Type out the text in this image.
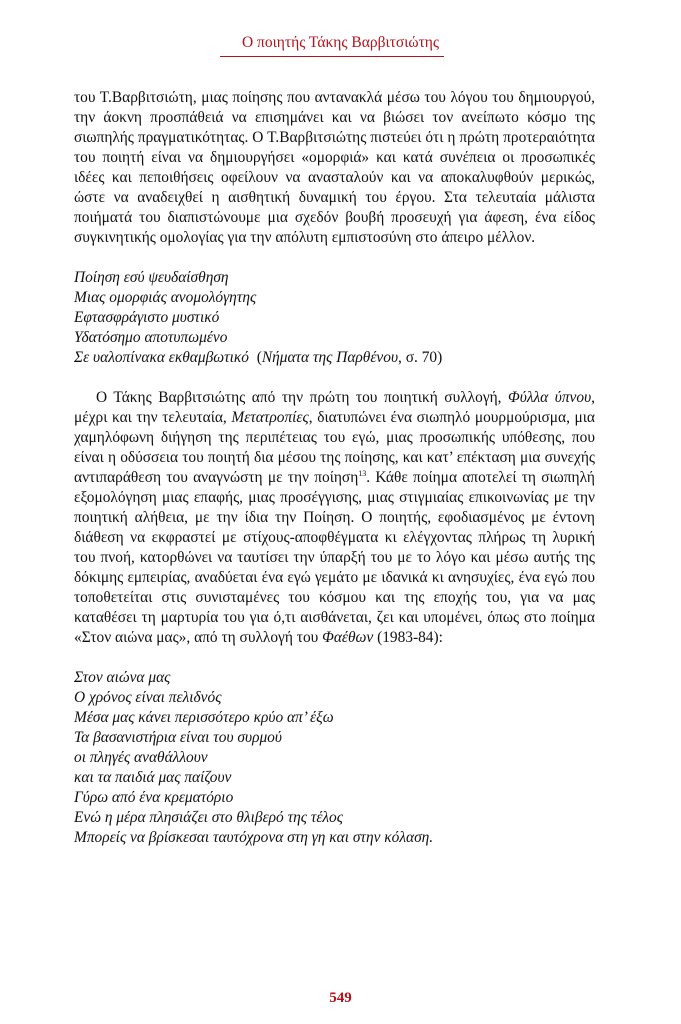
Ο ποιητής Τάκης Βαρβιτσιώτης

του Τ.Βαρβιτσιώτη, μιας ποίησης που αντανακλά μέσω του λόγου του δημιουργού, την άοκνη προσπάθειά να επισημάνει και να βιώσει τον ανείπωτο κόσμο της σιωπηλής πραγματικότητας. Ο Τ.Βαρβιτσιώτης πιστεύει ότι η πρώτη προτεραιότητα του ποιητή είναι να δημιουργήσει «ομορφιά» και κατά συνέπεια οι προσωπικές ιδέες και πεποιθήσεις οφείλουν να ανασταλούν και να αποκαλυφθούν μερικώς, ώστε να αναδειχθεί η αισθητική δυναμική του έργου. Στα τελευταία μάλιστα ποιήματά του διαπιστώνουμε μια σχεδόν βουβή προσευχή για άφεση, ένα είδος συγκινητικής ομολογίας για την απόλυτη εμπιστοσύνη στο άπειρο μέλλον.

Ποίηση εσύ ψευδαίσθηση
Μιας ομορφιάς ανομολόγητης
Εφτασφράγιστο μυστικό
Υδατόσημο αποτυπωμένο
Σε υαλοπίνακα εκθαμβωτικό (Νήματα της Παρθένου, σ. 70)

Ο Τάκης Βαρβιτσιώτης από την πρώτη του ποιητική συλλογή, Φύλλα ύπνου, μέχρι και την τελευταία, Μετατροπίες, διατυπώνει ένα σιωπηλό μουρμούρισμα, μια χαμηλόφωνη διήγηση της περιπέτειας του εγώ, μιας προσωπικής υπόθεσης, που είναι η οδύσσεια του ποιητή δια μέσου της ποίησης, και κατ’ επέκταση μια συνεχής αντιπαράθεση του αναγνώστη με την ποίηση$^{13}$. Κάθε ποίημα αποτελεί τη σιωπηλή εξομολόγηση μιας επαφής, μιας προσέγγισης, μιας στιγμιαίας επικοινωνίας με την ποιητική αλήθεια, με την ίδια την Ποίηση. Ο ποιητής, εφοδιασμένος με έντονη διάθεση να εκφραστεί με στίχους-αποφθέγματα κι ελέγχοντας πλήρως τη λυρική του πνοή, κατορθώνει να ταυτίσει την ύπαρξή του με το λόγο και μέσω αυτής της δόκιμης εμπειρίας, αναδύεται ένα εγώ γεμάτο με ιδανικά κι ανησυχίες, ένα εγώ που τοποθετείται στις συνισταμένες του κόσμου και της εποχής του, για να μας καταθέσει τη μαρτυρία του για ό,τι αισθάνεται, ζει και υπομένει, όπως στο ποίημα «Στον αιώνα μας», από τη συλλογή του Φαέθων (1983-84):

Στον αιώνα μας
Ο χρόνος είναι πελιδνός
Μέσα μας κάνει περισσότερο κρύο απ’ έξω
Τα βασανιστήρια είναι του συρμού
οι πληγές αναθάλλουν
και τα παιδιά μας παίζουν
Γύρω από ένα κρεματόριο
Ενώ η μέρα πλησιάζει στο θλιβερό της τέλος
Μπορείς να βρίσκεσαι ταυτόχρονα στη γη και στην κόλαση.
549
